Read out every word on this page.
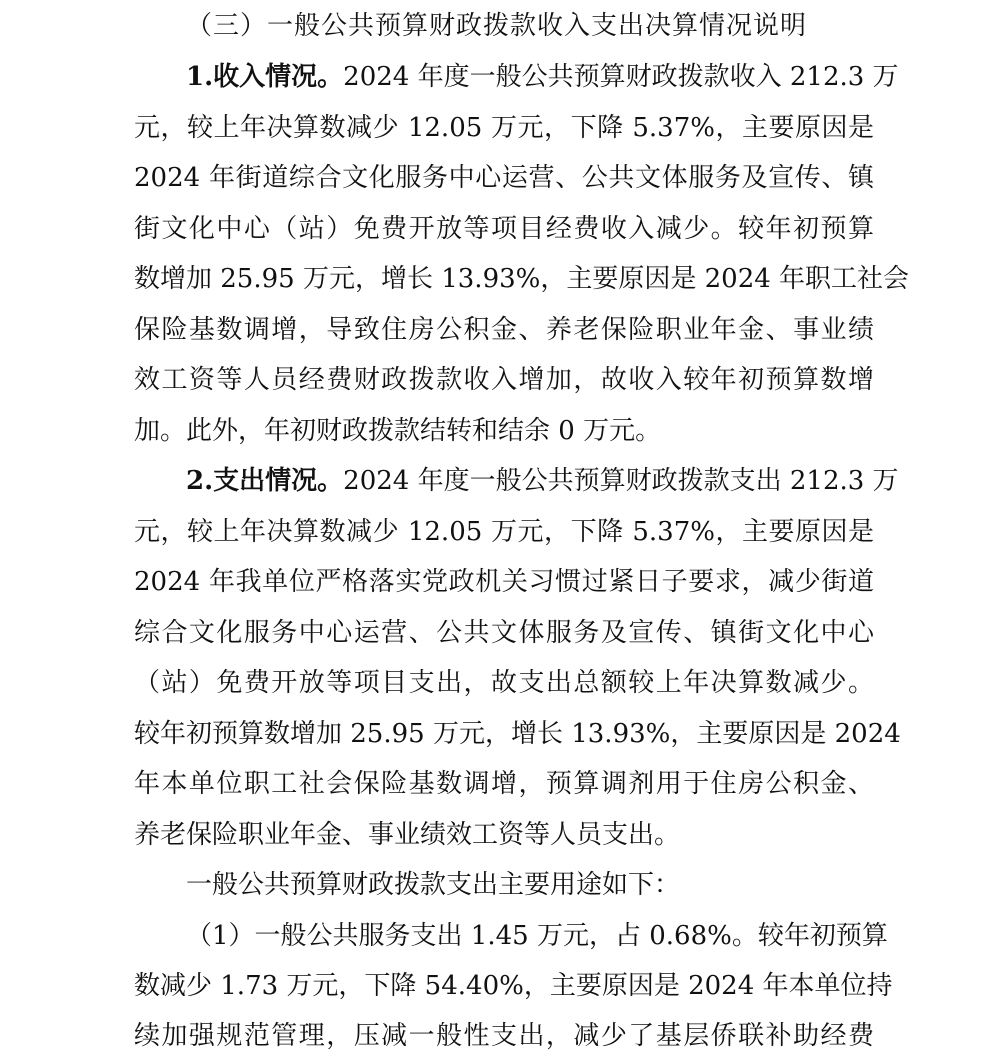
（三）一般公共预算财政拨款收入支出决算情况说明
1.收入情况。2024 年度一般公共预算财政拨款收入 212.3 万
元，较上年决算数减少 12.05 万元，下降 5.37%，主要原因是
2024 年街道综合文化服务中心运营、公共文体服务及宣传、镇
街文化中心（站）免费开放等项目经费收入减少。较年初预算
数增加 25.95 万元，增长 13.93%，主要原因是 2024 年职工社会
保险基数调增，导致住房公积金、养老保险职业年金、事业绩
效工资等人员经费财政拨款收入增加，故收入较年初预算数增
加。此外，年初财政拨款结转和结余 0 万元。
2.支出情况。2024 年度一般公共预算财政拨款支出 212.3 万
元，较上年决算数减少 12.05 万元，下降 5.37%，主要原因是
2024 年我单位严格落实党政机关习惯过紧日子要求，减少街道
综合文化服务中心运营、公共文体服务及宣传、镇街文化中心
（站）免费开放等项目支出，故支出总额较上年决算数减少。
较年初预算数增加 25.95 万元，增长 13.93%，主要原因是 2024
年本单位职工社会保险基数调增，预算调剂用于住房公积金、
养老保险职业年金、事业绩效工资等人员支出。
一般公共预算财政拨款支出主要用途如下：
（1）一般公共服务支出 1.45 万元，占 0.68%。较年初预算
数减少 1.73 万元，下降 54.40%，主要原因是 2024 年本单位持
续加强规范管理，压减一般性支出，减少了基层侨联补助经费
